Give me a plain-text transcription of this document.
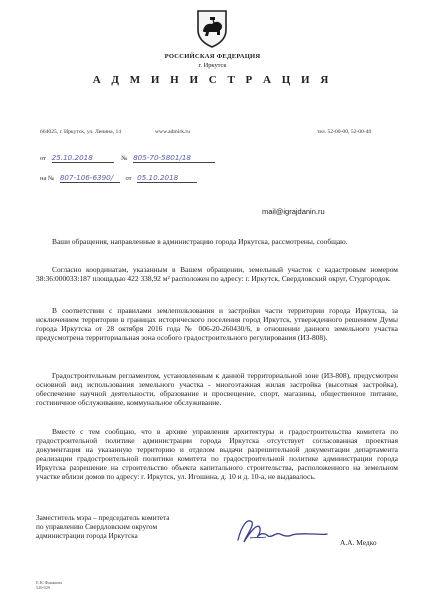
РОССИЙСКАЯ ФЕДЕРАЦИЯ
г. Иркутск
А Д М И Н И С Т Р А Ц И Я
664025, г. Иркутск, ул. Ленина, 14	www.admirk.ru	тел. 52-00-00, 52-00-40
от 25.10.2018	№ 805-70-5801/18
на № 807-106-6390/ от 05.10.2018
mail@igrajdanin.ru

Ваши обращения, направленные в администрацию города Иркутска, рассмотрены, сообщаю.

Согласно координатам, указанным в Вашем обращении, земельный участок с кадастровым номером 38:36:000033:187 площадью 422 338,92 м² расположен по адресу: г. Иркутск, Свердловский округ, Студгородок.

В соответствии с правилами землепользования и застройки части территории города Иркутска, за исключением территории в границах исторического поселения город Иркутск, утвержденного решением Думы города Иркутска от 28 октября 2016 года № 006-20-260430/6, в отношении данного земельного участка предусмотрена территориальная зона особого градостроительного регулирования (ИЗ-808).

Градостроительным регламентом, установленным к данной территориальной зоне (ИЗ-808), предусмотрен основной вид использования земельного участка - многоэтажная жилая застройка (высотная застройка), обеспечение научной деятельности, образование и просвещение, спорт, магазины, общественное питание, гостиничное обслуживание, коммунальное обслуживание.

Вместе с тем сообщаю, что в архиве управления архитектуры и градостроительства комитета по градостроительной политике администрации города Иркутска отсутствует согласованная проектная документация на указанную территорию и отделом выдачи разрешительной документации департамента реализации градостроительной политики комитета по градостроительной политике администрации города Иркутска разрешение на строительство объекта капитального строительства, расположенного на земельном участке вблизи домов по адресу: г. Иркутск, ул. Игошина, д. 10 и д. 10-а, не выдавалось.

Заместитель мэра – председатель комитета
по управлению Свердловским округом
администрации города Иркутска
А.А. Медко
Е.Н. Фонякова
520-029
